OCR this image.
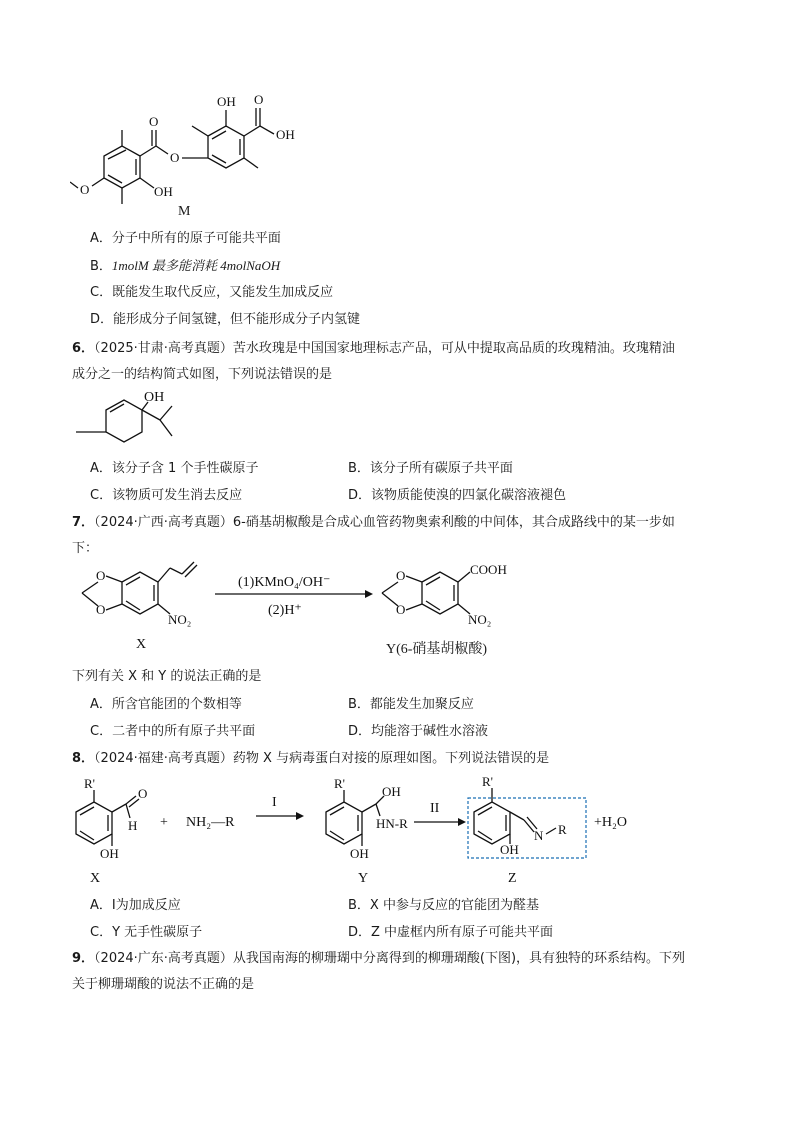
OH O
OH
O
O
OH
O
M
A．分子中所有的原子可能共平面
B．1molM 最多能消耗 4molNaOH
C．既能发生取代反应，又能发生加成反应
D．能形成分子间氢键，但不能形成分子内氢键
6．（2025·甘肃·高考真题）苦水玫瑰是中国国家地理标志产品，可从中提取高品质的玫瑰精油。玫瑰精油
成分之一的结构简式如图，下列说法错误的是
OH
A．该分子含 1 个手性碳原子	B．该分子所有碳原子共平面
C．该物质可发生消去反应	D．该物质能使溴的四氯化碳溶液褪色
7．（2024·广西·高考真题）6-硝基胡椒酸是合成心血管药物奥索利酸的中间体，其合成路线中的某一步如
下：
O
O
NO₂
X
(1)KMnO₄/OH⁻
(2)H⁺
O
O
COOH
NO₂
Y(6-硝基胡椒酸)
下列有关 X 和 Y 的说法正确的是
A．所含官能团的个数相等	B．都能发生加聚反应
C．二者中的所有原子共平面	D．均能溶于碱性水溶液
8．（2024·福建·高考真题）药物 X 与病毒蛋白对接的原理如图。下列说法错误的是
R'
O
H
OH
X
+ NH₂—R
I
R'
OH
HN-R
OH
Y
II
R'
N R
OH
Z
+H₂O
A．Ⅰ为加成反应	B．X 中参与反应的官能团为醛基
C．Y 无手性碳原子	D．Z 中虚框内所有原子可能共平面
9．（2024·广东·高考真题）从我国南海的柳珊瑚中分离得到的柳珊瑚酸(下图)，具有独特的环系结构。下列
关于柳珊瑚酸的说法不正确的是
